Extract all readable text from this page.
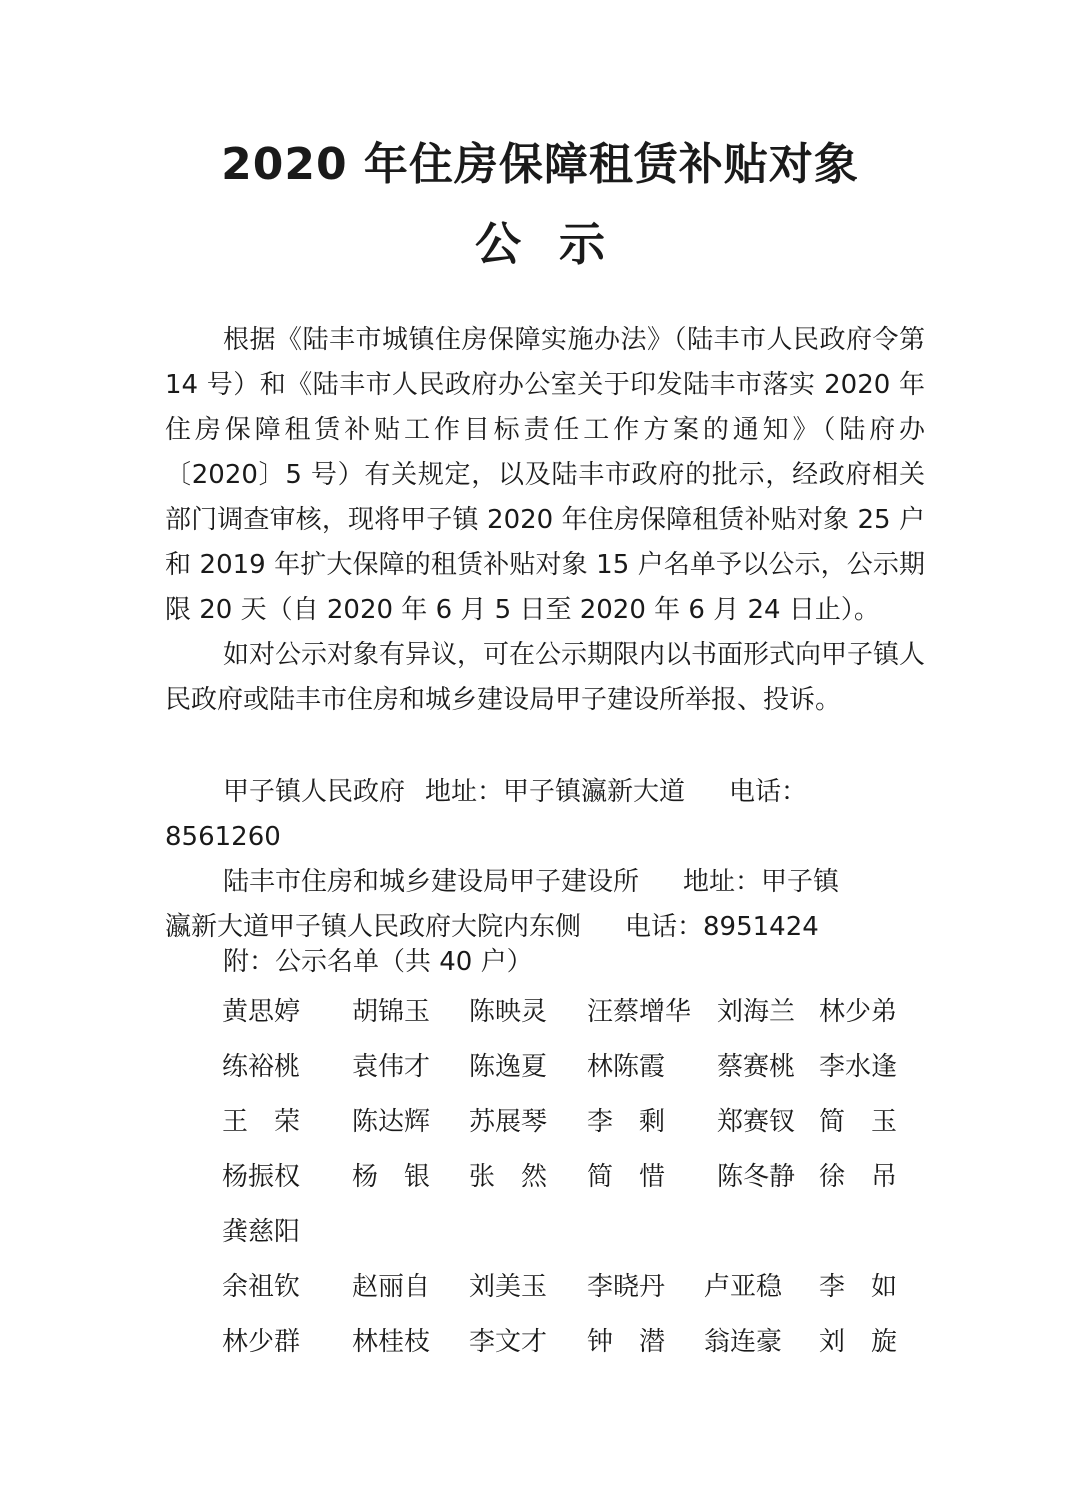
2020 年住房保障租赁补贴对象
公示

根据《陆丰市城镇住房保障实施办法》（陆丰市人民政府令第 14 号）和《陆丰市人民政府办公室关于印发陆丰市落实 2020 年住房保障租赁补贴工作目标责任工作方案的通知》（陆府办〔2020〕5 号）有关规定，以及陆丰市政府的批示，经政府相关部门调查审核，现将甲子镇 2020 年住房保障租赁补贴对象 25 户和 2019 年扩大保障的租赁补贴对象 15 户名单予以公示，公示期限 20 天（自 2020 年 6 月 5 日至 2020 年 6 月 24 日止）。

如对公示对象有异议，可在公示期限内以书面形式向甲子镇人民政府或陆丰市住房和城乡建设局甲子建设所举报、投诉。

甲子镇人民政府 地址：甲子镇瀛新大道 电话：
8561260
陆丰市住房和城乡建设局甲子建设所 地址：甲子镇
瀛新大道甲子镇人民政府大院内东侧 电话：8951424
附：公示名单（共 40 户）
黄思婷 胡锦玉 陈映灵 汪蔡增华 刘海兰 林少弟
练裕桃 袁伟才 陈逸夏 林陈霞 蔡赛桃 李水逢
王　荣 陈达辉 苏展琴 李　剩 郑赛钗 简　玉
杨振权 杨　银 张　然 简　惜 陈冬静 徐　吊
龚慈阳
余祖钦 赵丽自 刘美玉 李晓丹 卢亚稳 李　如
林少群 林桂枝 李文才 钟　潜 翁连豪 刘　旋
